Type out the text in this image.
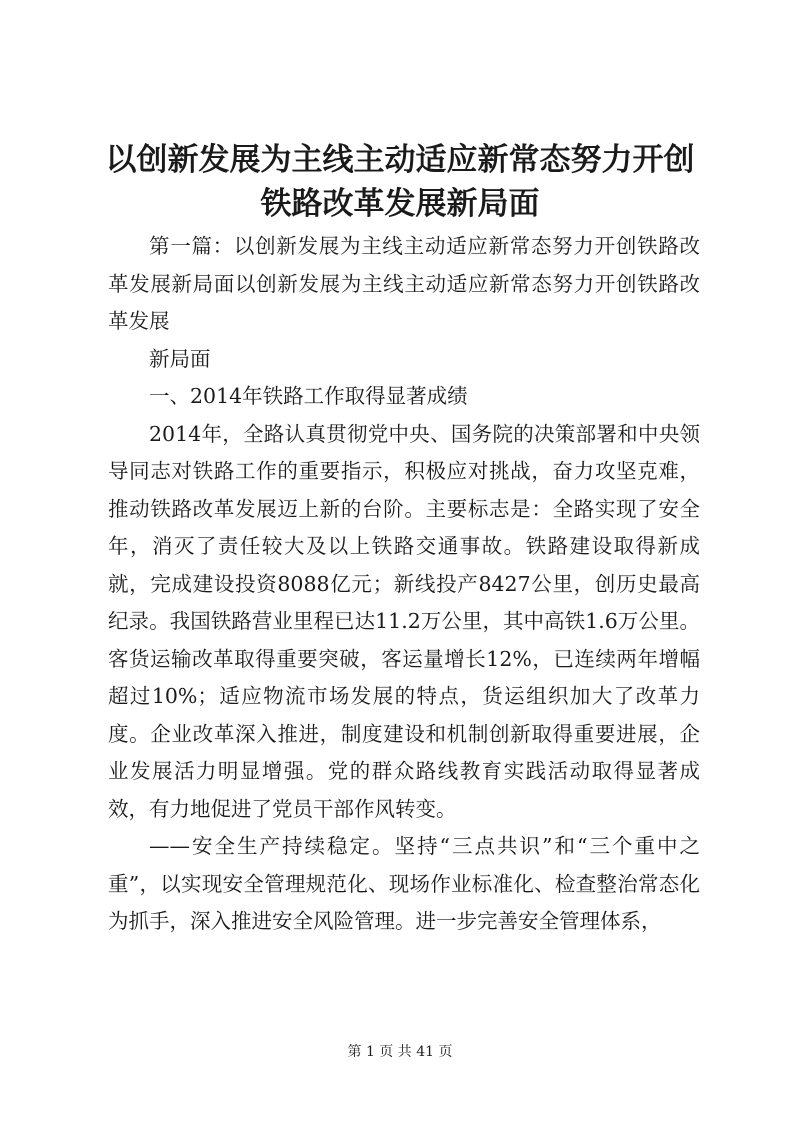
以创新发展为主线主动适应新常态努力开创铁路改革发展新局面

第一篇：以创新发展为主线主动适应新常态努力开创铁路改革发展新局面以创新发展为主线主动适应新常态努力开创铁路改革发展

新局面

一、2014年铁路工作取得显著成绩

2014年，全路认真贯彻党中央、国务院的决策部署和中央领导同志对铁路工作的重要指示，积极应对挑战，奋力攻坚克难，推动铁路改革发展迈上新的台阶。主要标志是：全路实现了安全年，消灭了责任较大及以上铁路交通事故。铁路建设取得新成就，完成建设投资8088亿元；新线投产8427公里，创历史最高纪录。我国铁路营业里程已达11.2万公里，其中高铁1.6万公里。客货运输改革取得重要突破，客运量增长12%，已连续两年增幅超过10%；适应物流市场发展的特点，货运组织加大了改革力度。企业改革深入推进，制度建设和机制创新取得重要进展，企业发展活力明显增强。党的群众路线教育实践活动取得显著成效，有力地促进了党员干部作风转变。

——安全生产持续稳定。坚持“三点共识”和“三个重中之重”，以实现安全管理规范化、现场作业标准化、检查整治常态化为抓手，深入推进安全风险管理。进一步完善安全管理体系，

第 1 页 共 41 页
